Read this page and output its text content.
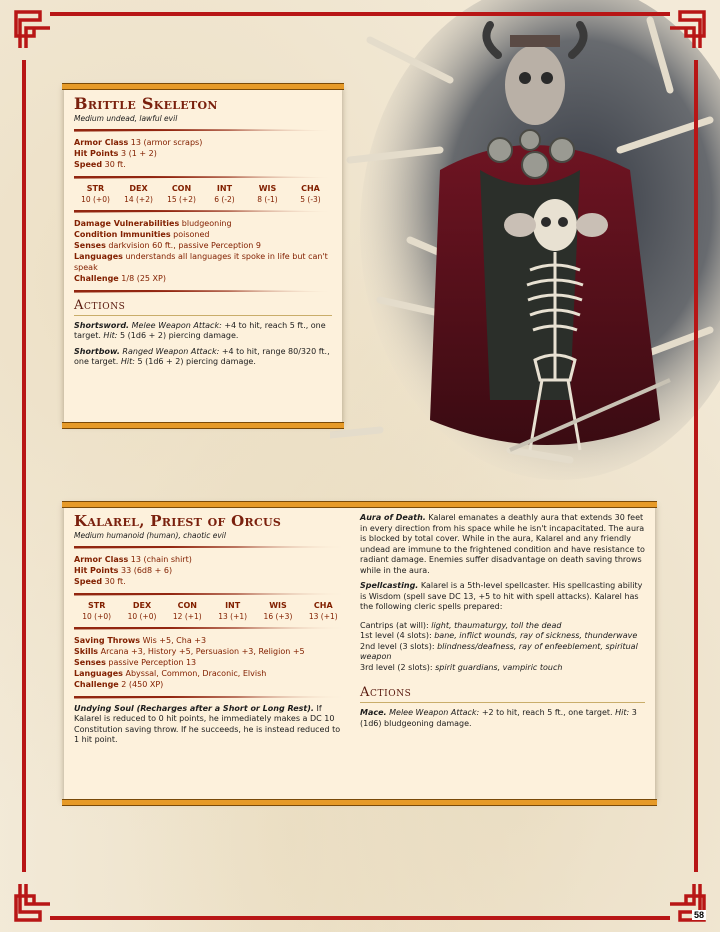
Brittle Skeleton
Medium undead, lawful evil
Armor Class 13 (armor scraps)
Hit Points 3 (1 + 2)
Speed 30 ft.
STR
10 (+0)
DEX
14 (+2)
CON
15 (+2)
INT
6 (-2)
WIS
8 (-1)
CHA
5 (-3)
Damage Vulnerabilities bludgeoning
Condition Immunities poisoned
Senses darkvision 60 ft., passive Perception 9
Languages understands all languages it spoke in life but can't speak
Challenge 1/8 (25 XP)
Actions
Shortsword. Melee Weapon Attack: +4 to hit, reach 5 ft., one target. Hit: 5 (1d6 + 2) piercing damage.
Shortbow. Ranged Weapon Attack: +4 to hit, range 80/320 ft., one target. Hit: 5 (1d6 + 2) piercing damage.
Kalarel, Priest of Orcus
Medium humanoid (human), chaotic evil
Armor Class 13 (chain shirt)
Hit Points 33 (6d8 + 6)
Speed 30 ft.
STR
10 (+0)
DEX
10 (+0)
CON
12 (+1)
INT
13 (+1)
WIS
16 (+3)
CHA
13 (+1)
Saving Throws Wis +5, Cha +3
Skills Arcana +3, History +5, Persuasion +3, Religion +5
Senses passive Perception 13
Languages Abyssal, Common, Draconic, Elvish
Challenge 2 (450 XP)
Undying Soul (Recharges after a Short or Long Rest). If Kalarel is reduced to 0 hit points, he immediately makes a DC 10 Constitution saving throw. If he succeeds, he is instead reduced to 1 hit point.
Aura of Death. Kalarel emanates a deathly aura that extends 30 feet in every direction from his space while he isn't incapacitated. The aura is blocked by total cover. While in the aura, Kalarel and any friendly undead are immune to the frightened condition and have resistance to radiant damage. Enemies suffer disadvantage on death saving throws while in the aura.
Spellcasting. Kalarel is a 5th-level spellcaster. His spellcasting ability is Wisdom (spell save DC 13, +5 to hit with spell attacks). Kalarel has the following cleric spells prepared:
Cantrips (at will): light, thaumaturgy, toll the dead
1st level (4 slots): bane, inflict wounds, ray of sickness, thunderwave
2nd level (3 slots): blindness/deafness, ray of enfeeblement, spiritual weapon
3rd level (2 slots): spirit guardians, vampiric touch
Actions
Mace. Melee Weapon Attack: +2 to hit, reach 5 ft., one target. Hit: 3 (1d6) bludgeoning damage.
58
